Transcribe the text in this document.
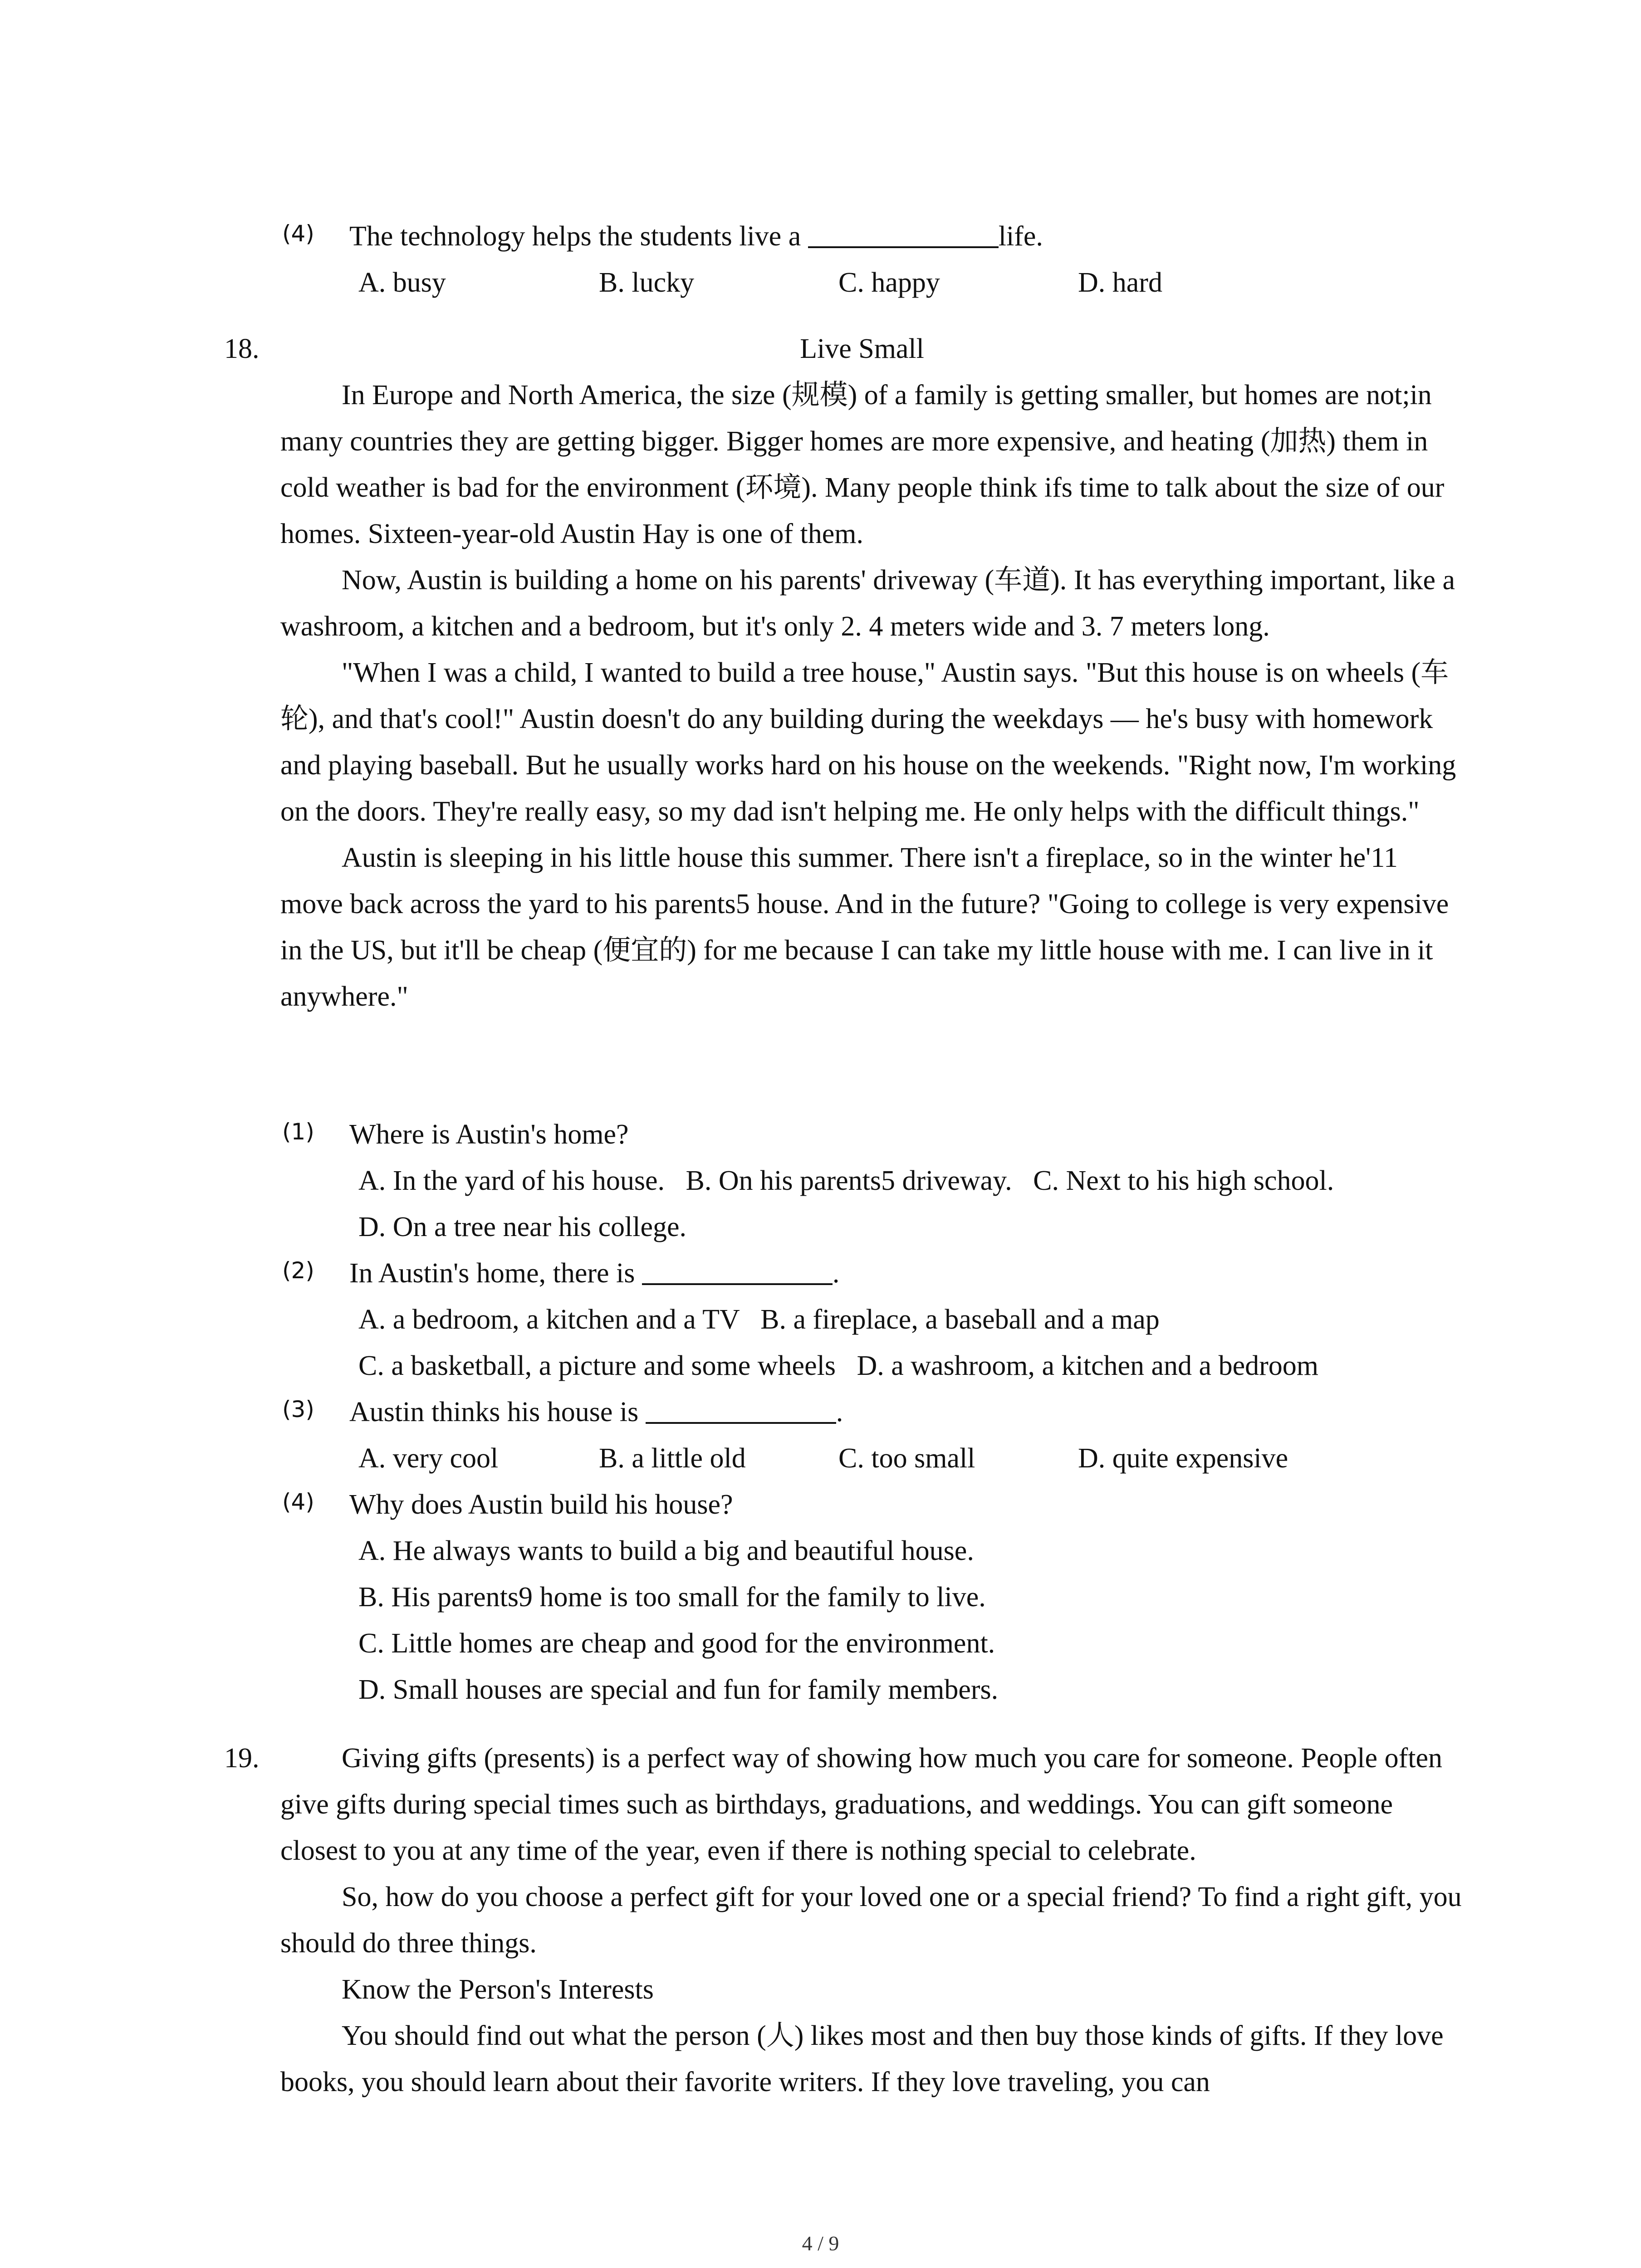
(4) The technology helps the students live a	life.
A. busy	B. lucky	C. happy	D. hard
18.	Live Small

In Europe and North America, the size (规模) of a family is getting smaller, but homes are not;in many countries they are getting bigger. Bigger homes are more expensive, and heating (加热) them in cold weather is bad for the environment (环境). Many people think ifs time to talk about the size of our homes. Sixteen-year-old Austin Hay is one of them.

Now, Austin is building a home on his parents' driveway (车道). It has everything important, like a washroom, a kitchen and a bedroom, but it's only 2. 4 meters wide and 3. 7 meters long.

"When I was a child, I wanted to build a tree house," Austin says. "But this house is on wheels (车轮), and that's cool!" Austin doesn't do any building during the weekdays — he's busy with homework and playing baseball. But he usually works hard on his house on the weekends. "Right now, I'm working on the doors. They're really easy, so my dad isn't helping me. He only helps with the difficult things."

Austin is sleeping in his little house this summer. There isn't a fireplace, so in the winter he'11 move back across the yard to his parents5 house. And in the future? "Going to college is very expensive in the US, but it'll be cheap (便宜的) for me because I can take my little house with me. I can live in it anywhere."

(1) Where is Austin's home?
A. In the yard of his house.   B. On his parents5 driveway.   C. Next to his high school.
D. On a tree near his college.
(2) In Austin's home, there is	.
A. a bedroom, a kitchen and a TV   B. a fireplace, a baseball and a map
C. a basketball, a picture and some wheels   D. a washroom, a kitchen and a bedroom
(3) Austin thinks his house is	.
A. very cool	B. a little old	C. too small	D. quite expensive
(4) Why does Austin build his house?
A. He always wants to build a big and beautiful house.
B. His parents9 home is too small for the family to live.
C. Little homes are cheap and good for the environment.
D. Small houses are special and fun for family members.
19.	Giving gifts (presents) is a perfect way of showing how much you care for someone. People often give gifts during special times such as birthdays, graduations, and weddings. You can gift someone closest to you at any time of the year, even if there is nothing special to celebrate.

So, how do you choose a perfect gift for your loved one or a special friend? To find a right gift, you should do three things.

Know the Person's Interests

You should find out what the person (人) likes most and then buy those kinds of gifts. If they love books, you should learn about their favorite writers. If they love traveling, you can

4 / 9
